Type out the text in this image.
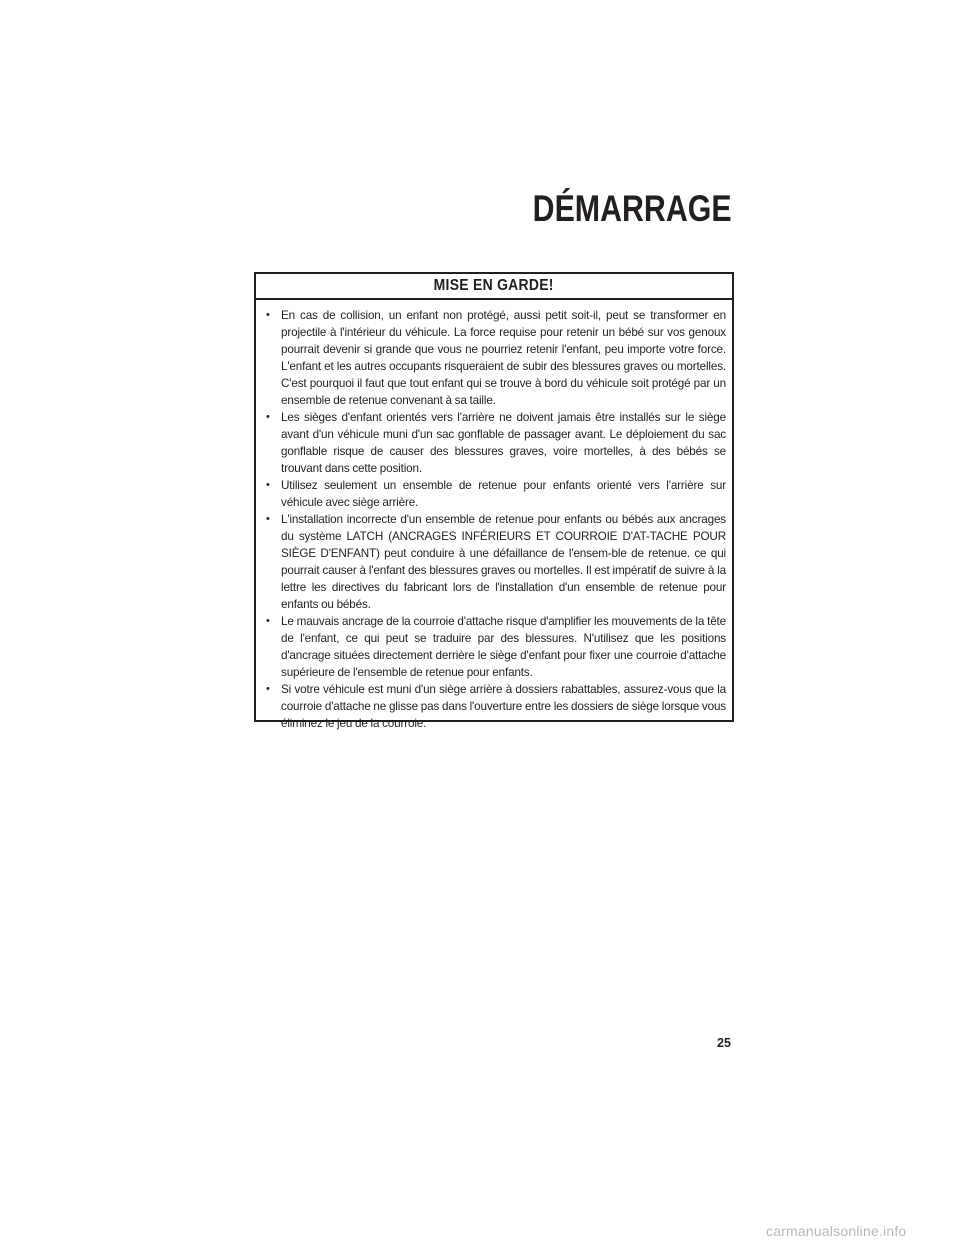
DÉMARRAGE
MISE EN GARDE!
• En cas de collision, un enfant non protégé, aussi petit soit-il, peut se transformer en projectile à l'intérieur du véhicule. La force requise pour retenir un bébé sur vos genoux pourrait devenir si grande que vous ne pourriez retenir l'enfant, peu importe votre force. L'enfant et les autres occupants risqueraient de subir des blessures graves ou mortelles. C'est pourquoi il faut que tout enfant qui se trouve à bord du véhicule soit protégé par un ensemble de retenue convenant à sa taille.
• Les sièges d'enfant orientés vers l'arrière ne doivent jamais être installés sur le siège avant d'un véhicule muni d'un sac gonflable de passager avant. Le déploiement du sac gonflable risque de causer des blessures graves, voire mortelles, à des bébés se trouvant dans cette position.
• Utilisez seulement un ensemble de retenue pour enfants orienté vers l'arrière sur véhicule avec siège arrière.
• L'installation incorrecte d'un ensemble de retenue pour enfants ou bébés aux ancrages du système LATCH (ANCRAGES INFÉRIEURS ET COURROIE D'AT-TACHE POUR SIÈGE D'ENFANT) peut conduire à une défaillance de l'ensem-ble de retenue. ce qui pourrait causer à l'enfant des blessures graves ou mortelles. Il est impératif de suivre à la lettre les directives du fabricant lors de l'installation d'un ensemble de retenue pour enfants ou bébés.
• Le mauvais ancrage de la courroie d'attache risque d'amplifier les mouvements de la tête de l'enfant, ce qui peut se traduire par des blessures. N'utilisez que les positions d'ancrage situées directement derrière le siège d'enfant pour fixer une courroie d'attache supérieure de l'ensemble de retenue pour enfants.
• Si votre véhicule est muni d'un siège arrière à dossiers rabattables, assurez-vous que la courroie d'attache ne glisse pas dans l'ouverture entre les dossiers de siège lorsque vous éliminez le jeu de la courroie.

25

carmanualsonline.info
